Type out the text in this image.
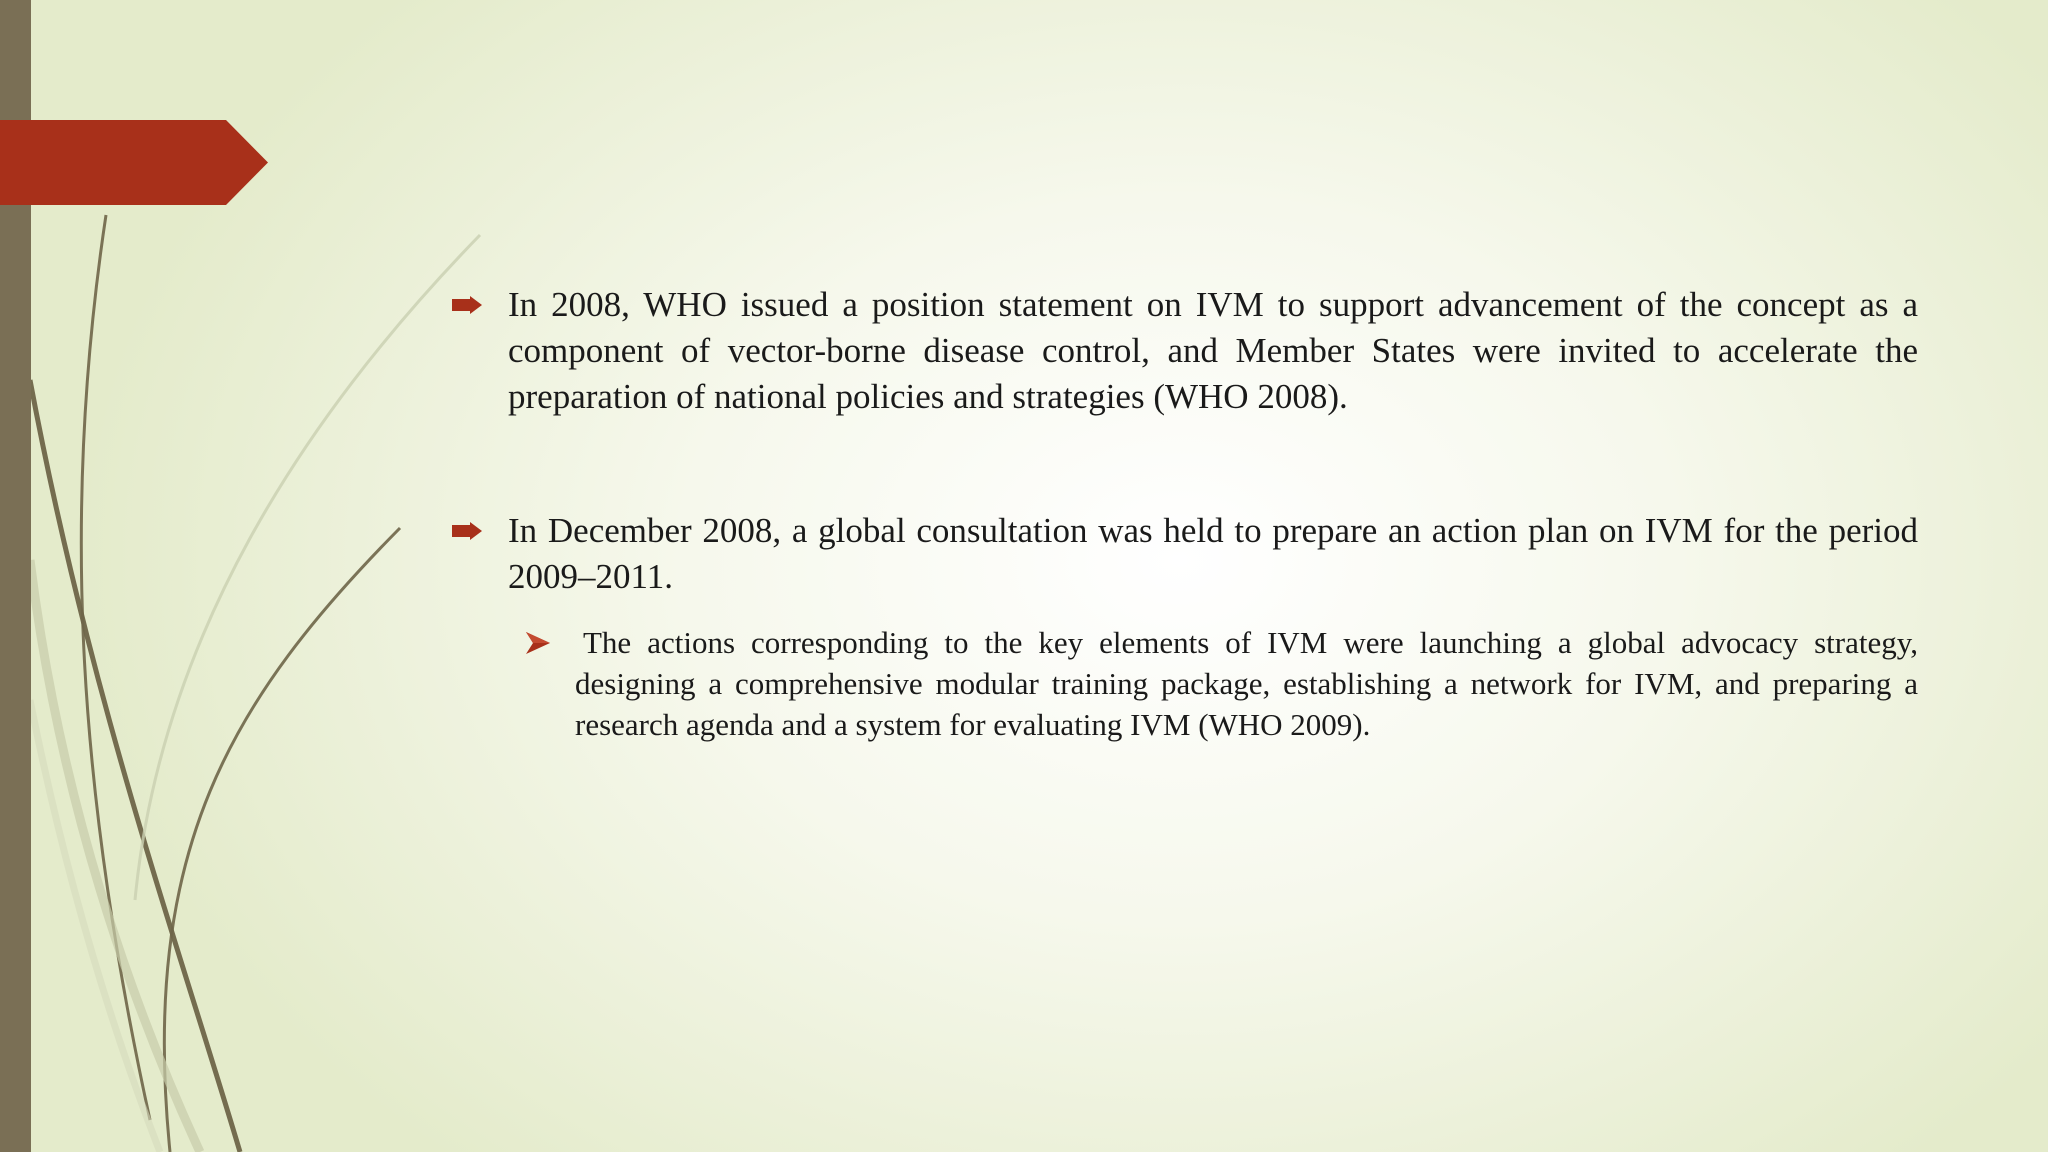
In 2008, WHO issued a position statement on IVM to support advancement of the concept as a component of vector-borne disease control, and Member States were invited to accelerate the preparation of national policies and strategies (WHO 2008).
In December 2008, a global consultation was held to prepare an action plan on IVM for the period 2009–2011.
The actions corresponding to the key elements of IVM were launching a global advocacy strategy, designing a comprehensive modular training package, establishing a network for IVM, and preparing a research agenda and a system for evaluating IVM (WHO 2009).
